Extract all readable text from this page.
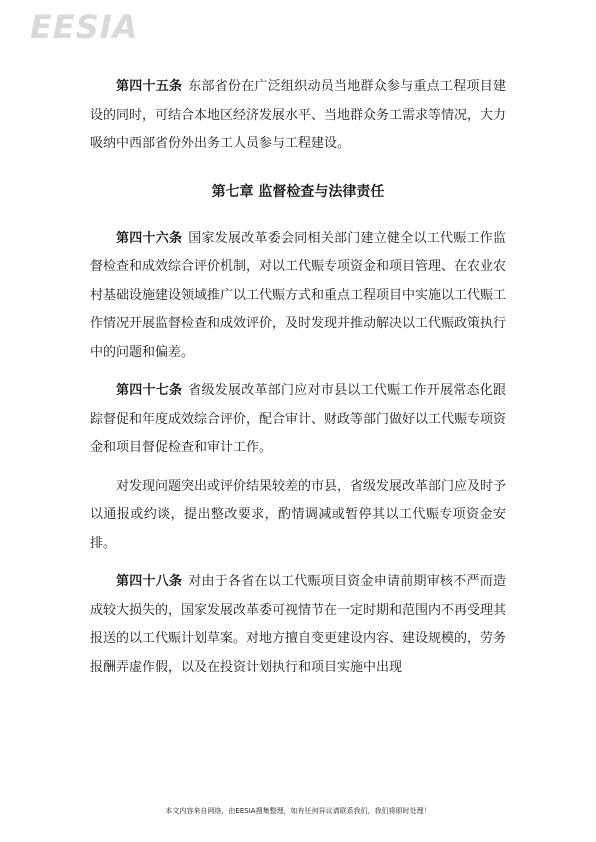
EESIA

第四十五条 东部省份在广泛组织动员当地群众参与重点工程项目建设的同时，可结合本地区经济发展水平、当地群众务工需求等情况，大力吸纳中西部省份外出务工人员参与工程建设。

第七章 监督检查与法律责任

第四十六条 国家发展改革委会同相关部门建立健全以工代赈工作监督检查和成效综合评价机制，对以工代赈专项资金和项目管理、在农业农村基础设施建设领域推广以工代赈方式和重点工程项目中实施以工代赈工作情况开展监督检查和成效评价，及时发现并推动解决以工代赈政策执行中的问题和偏差。

第四十七条 省级发展改革部门应对市县以工代赈工作开展常态化跟踪督促和年度成效综合评价，配合审计、财政等部门做好以工代赈专项资金和项目督促检查和审计工作。

对发现问题突出或评价结果较差的市县，省级发展改革部门应及时予以通报或约谈，提出整改要求，酌情调减或暂停其以工代赈专项资金安排。

第四十八条 对由于各省在以工代赈项目资金申请前期审核不严而造成较大损失的，国家发展改革委可视情节在一定时期和范围内不再受理其报送的以工代赈计划草案。对地方擅自变更建设内容、建设规模的，劳务报酬弄虚作假，以及在投资计划执行和项目实施中出现

本文内容来自网络，由EESIA搜集整理，如有任何异议请联系我们，我们将即时处理！
